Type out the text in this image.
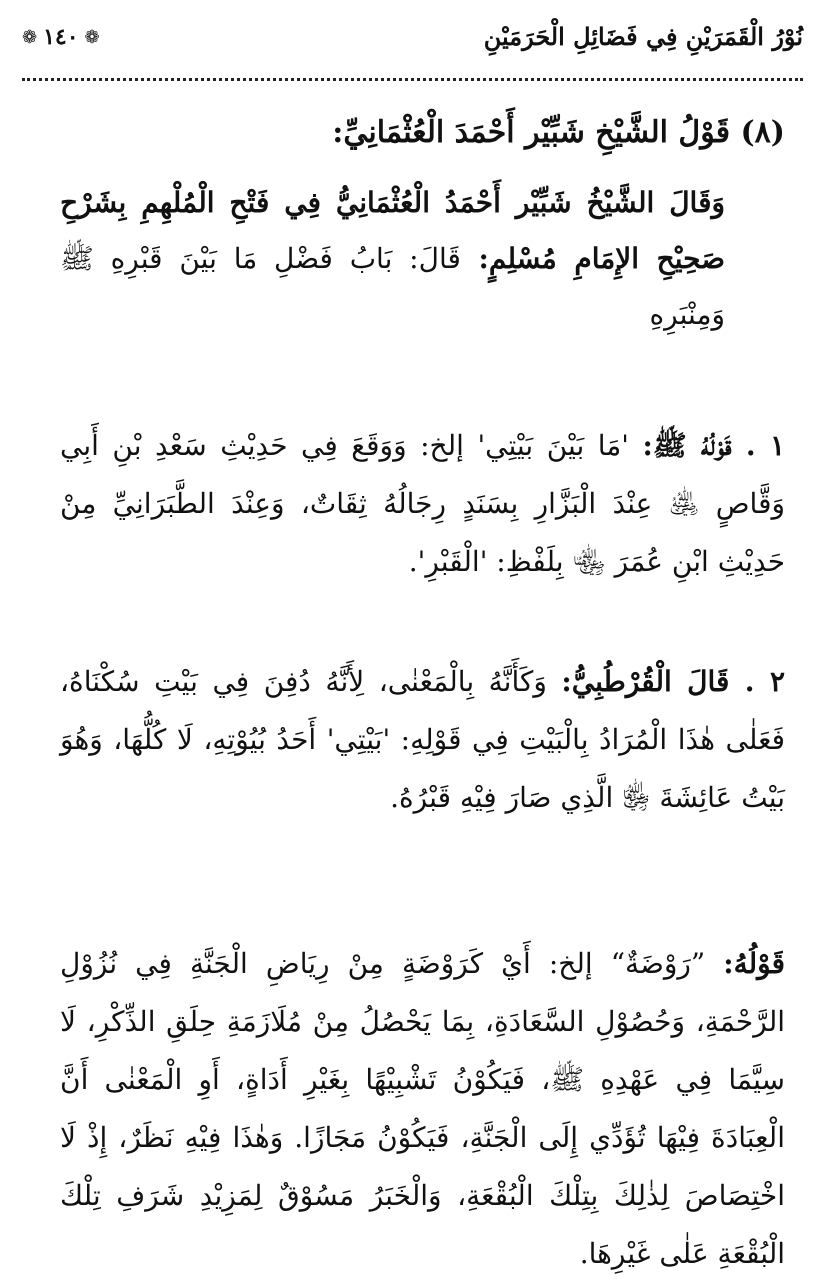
نُوْرُ الْقَمَرَيْنِ فِي فَضَائِلِ الْحَرَمَيْنِ
❁ ١٤٠ ❁
(٨) قَوْلُ الشَّيْخِ شَبِّيْر أَحْمَدَ الْعُثْمَانِيِّ:

وَقَالَ الشَّيْخُ شَبِّيْر أَحْمَدُ الْعُثْمَانِيُّ فِي فَتْحِ الْمُلْهِمِ بِشَرْحِ صَحِيْحِ الإِمَامِ مُسْلِمٍ: قَالَ: بَابُ فَضْلِ مَا بَيْنَ قَبْرِهِ ﷺ وَمِنْبَرِهِ

١ . قَوْلُهُ ﷺ: 'مَا بَيْنَ بَيْتِي' إلخ: وَوَقَعَ فِي حَدِيْثِ سَعْدِ بْنِ أَبِي وَقَّاصٍ ﵁ عِنْدَ الْبَزَّارِ بِسَنَدٍ رِجَالُهُ ثِقَاتٌ، وَعِنْدَ الطَّبَرَانِيِّ مِنْ حَدِيْثِ ابْنِ عُمَرَ ﵄ بِلَفْظِ: 'الْقَبْرِ'.

٢ . قَالَ الْقُرْطُبِيُّ: وَكَأَنَّهُ بِالْمَعْنٰى، لِأَنَّهُ دُفِنَ فِي بَيْتِ سُكْنَاهُ، فَعَلٰى هٰذَا الْمُرَادُ بِالْبَيْتِ فِي قَوْلِهِ: 'بَيْتِي' أَحَدُ بُيُوْتِهِ، لَا كُلُّهَا، وَهُوَ بَيْتُ عَائِشَةَ ﵂ الَّذِي صَارَ فِيْهِ قَبْرُهُ.

قَوْلُهُ: ”رَوْضَةٌ“ إلخ: أَيْ كَرَوْضَةٍ مِنْ رِيَاضِ الْجَنَّةِ فِي نُزُوْلِ الرَّحْمَةِ، وَحُصُوْلِ السَّعَادَةِ، بِمَا يَحْصُلُ مِنْ مُلَازَمَةِ حِلَقِ الذِّكْرِ، لَا سِيَّمَا فِي عَهْدِهِ ﷺ، فَيَكُوْنُ تَشْبِيْهًا بِغَيْرِ أَدَاةٍ، أَوِ الْمَعْنٰى أَنَّ الْعِبَادَةَ فِيْهَا تُؤَدِّي إِلَى الْجَنَّةِ، فَيَكُوْنُ مَجَازًا. وَهٰذَا فِيْهِ نَظَرٌ، إِذْ لَا اخْتِصَاصَ لِذٰلِكَ بِتِلْكَ الْبُقْعَةِ، وَالْخَبَرُ مَسُوْقٌ لِمَزِيْدِ شَرَفِ تِلْكَ الْبُقْعَةِ عَلٰى غَيْرِهَا.
